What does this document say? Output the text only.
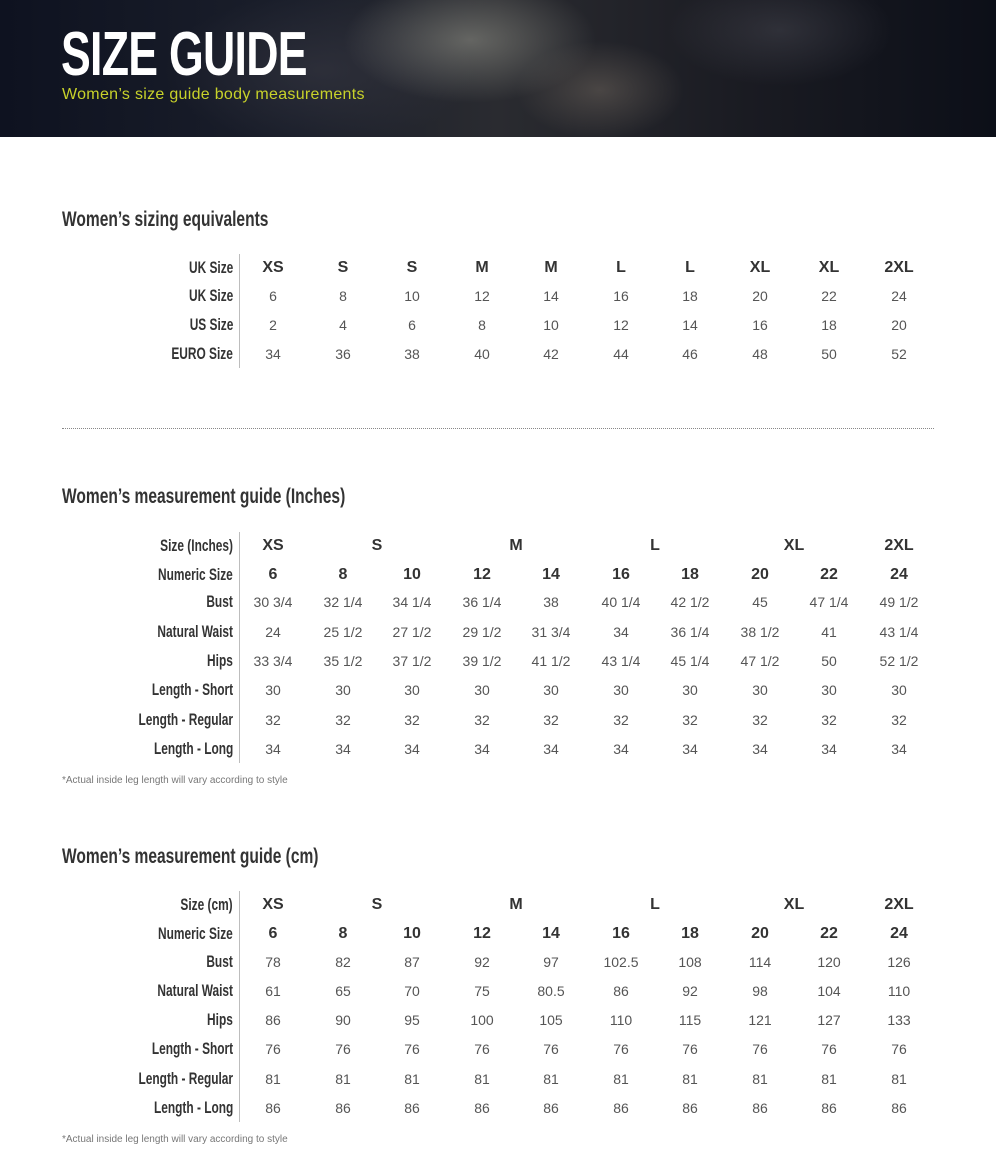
SIZE GUIDE
Women’s size guide body measurements
Women’s sizing equivalents
UK Size	XS	S	S	M	M	L	L	XL	XL	2XL
UK Size	6	8	10	12	14	16	18	20	22	24
US Size	2	4	6	8	10	12	14	16	18	20
EURO Size	34	36	38	40	42	44	46	48	50	52
Women’s measurement guide (Inches)
Size (Inches)	XS	S	M	L	XL	2XL
Numeric Size	6	8	10	12	14	16	18	20	22	24
Bust	30 3/4	32 1/4	34 1/4	36 1/4	38	40 1/4	42 1/2	45	47 1/4	49 1/2
Natural Waist	24	25 1/2	27 1/2	29 1/2	31 3/4	34	36 1/4	38 1/2	41	43 1/4
Hips	33 3/4	35 1/2	37 1/2	39 1/2	41 1/2	43 1/4	45 1/4	47 1/2	50	52 1/2
Length - Short	30	30	30	30	30	30	30	30	30	30
Length - Regular	32	32	32	32	32	32	32	32	32	32
Length - Long	34	34	34	34	34	34	34	34	34	34
*Actual inside leg length will vary according to style
Women’s measurement guide (cm)
Size (cm)	XS	S	M	L	XL	2XL
Numeric Size	6	8	10	12	14	16	18	20	22	24
Bust	78	82	87	92	97	102.5	108	114	120	126
Natural Waist	61	65	70	75	80.5	86	92	98	104	110
Hips	86	90	95	100	105	110	115	121	127	133
Length - Short	76	76	76	76	76	76	76	76	76	76
Length - Regular	81	81	81	81	81	81	81	81	81	81
Length - Long	86	86	86	86	86	86	86	86	86	86
*Actual inside leg length will vary according to style
